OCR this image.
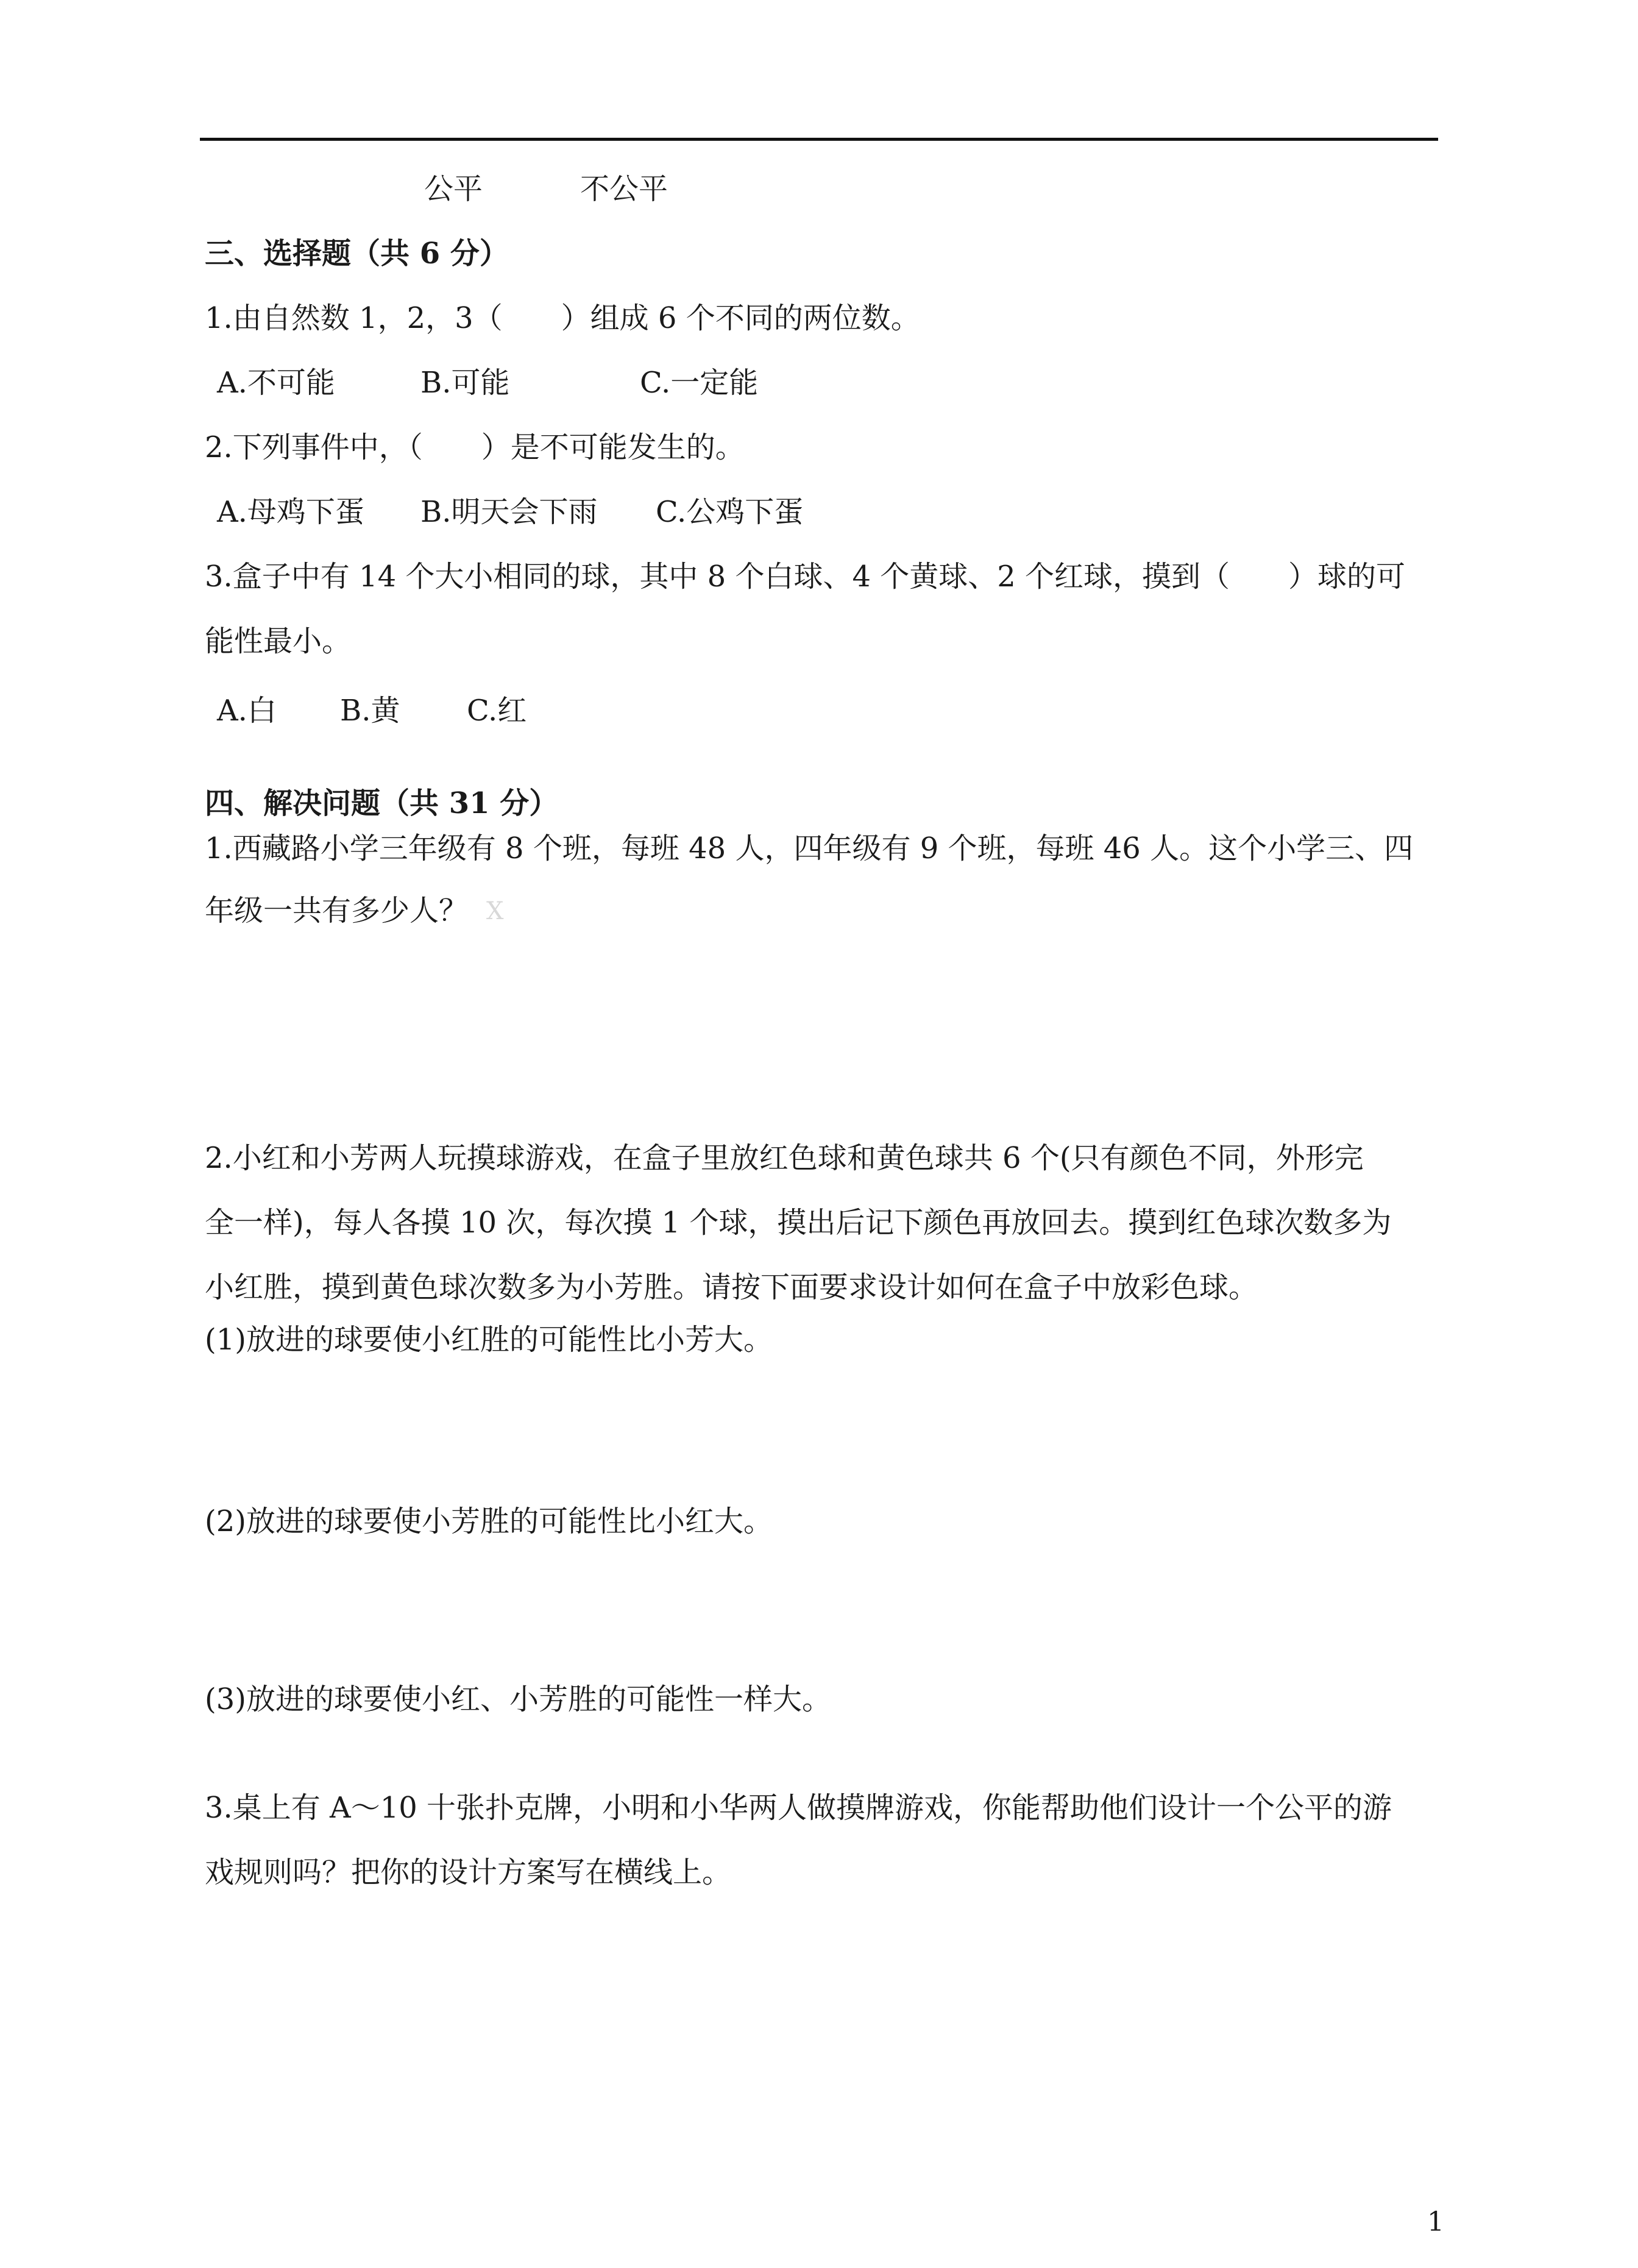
公平	不公平
三、选择题（共 6 分）
1.由自然数 1，2，3（　　）组成 6 个不同的两位数。
A.不可能	B.可能	C.一定能
2.下列事件中，（　　）是不可能发生的。
A.母鸡下蛋 B.明天会下雨 C.公鸡下蛋
3.盒子中有 14 个大小相同的球，其中 8 个白球、4 个黄球、2 个红球，摸到（　　）球的可
能性最小。
A.白 B.黄 C.红
四、解决问题（共 31 分）
1.西藏路小学三年级有 8 个班，每班 48 人，四年级有 9 个班，每班 46 人。这个小学三、四
年级一共有多少人？ X
2.小红和小芳两人玩摸球游戏，在盒子里放红色球和黄色球共 6 个(只有颜色不同，外形完
全一样)，每人各摸 10 次，每次摸 1 个球，摸出后记下颜色再放回去。摸到红色球次数多为
小红胜，摸到黄色球次数多为小芳胜。请按下面要求设计如何在盒子中放彩色球。
(1)放进的球要使小红胜的可能性比小芳大。
(2)放进的球要使小芳胜的可能性比小红大。
(3)放进的球要使小红、小芳胜的可能性一样大。
3.桌上有 A～10 十张扑克牌，小明和小华两人做摸牌游戏，你能帮助他们设计一个公平的游
戏规则吗？把你的设计方案写在横线上。
1
